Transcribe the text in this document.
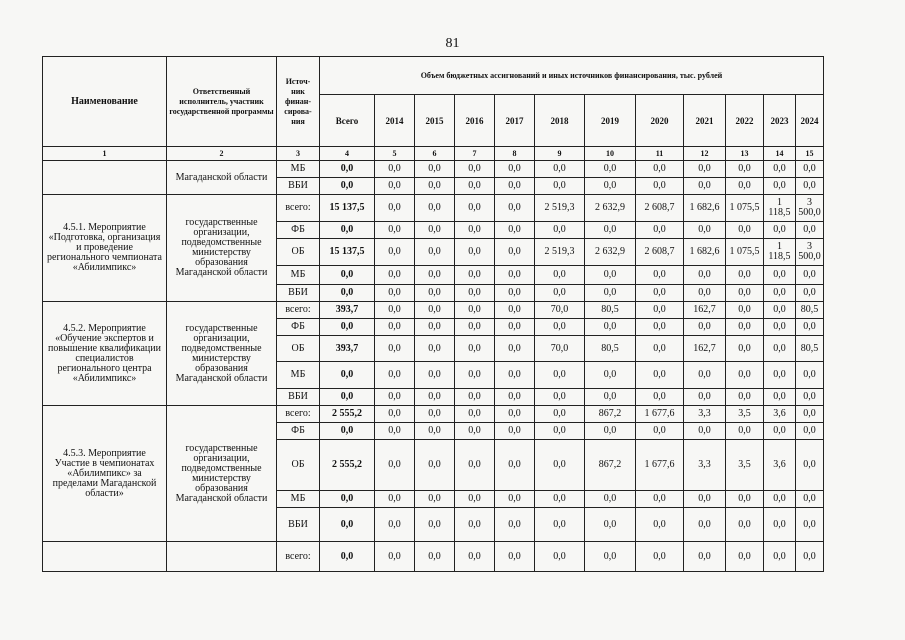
81
Наименование	Ответственный исполнитель, участник государственной программы	Источ-ник финан-сирова-ния	Объем бюджетных ассигнований и иных источников финансирования, тыс. рублей											
			Всего	2014	2015	2016	2017	2018	2019	2020	2021	2022	2023	2024
1	2	3	4	5	6	7	8	9	10	11	12	13	14	15
	Магаданской области	МБ	0,0	0,0	0,0	0,0	0,0	0,0	0,0	0,0	0,0	0,0	0,0	0,0
		ВБИ	0,0	0,0	0,0	0,0	0,0	0,0	0,0	0,0	0,0	0,0	0,0	0,0
4.5.1. Мероприятие «Подготовка, организация и проведение регионального чемпионата «Абилимпикс»	государственные организации, подведомственные министерству образования Магаданской области	всего:	15 137,5	0,0	0,0	0,0	0,0	2 519,3	2 632,9	2 608,7	1 682,6	1 075,5	1 118,5	3 500,0
		ФБ	0,0	0,0	0,0	0,0	0,0	0,0	0,0	0,0	0,0	0,0	0,0	0,0
		ОБ	15 137,5	0,0	0,0	0,0	0,0	2 519,3	2 632,9	2 608,7	1 682,6	1 075,5	1 118,5	3 500,0
		МБ	0,0	0,0	0,0	0,0	0,0	0,0	0,0	0,0	0,0	0,0	0,0	0,0
		ВБИ	0,0	0,0	0,0	0,0	0,0	0,0	0,0	0,0	0,0	0,0	0,0	0,0
4.5.2. Мероприятие «Обучение экспертов и повышение квалификации специалистов регионального центра «Абилимпикс»	государственные организации, подведомственные министерству образования Магаданской области	всего:	393,7	0,0	0,0	0,0	0,0	70,0	80,5	0,0	162,7	0,0	0,0	80,5
		ФБ	0,0	0,0	0,0	0,0	0,0	0,0	0,0	0,0	0,0	0,0	0,0	0,0
		ОБ	393,7	0,0	0,0	0,0	0,0	70,0	80,5	0,0	162,7	0,0	0,0	80,5
		МБ	0,0	0,0	0,0	0,0	0,0	0,0	0,0	0,0	0,0	0,0	0,0	0,0
		ВБИ	0,0	0,0	0,0	0,0	0,0	0,0	0,0	0,0	0,0	0,0	0,0	0,0
4.5.3. Мероприятие Участие в чемпионатах «Абилимпикс» за пределами Магаданской области»	государственные организации, подведомственные министерству образования Магаданской области	всего:	2 555,2	0,0	0,0	0,0	0,0	0,0	867,2	1 677,6	3,3	3,5	3,6	0,0
		ФБ	0,0	0,0	0,0	0,0	0,0	0,0	0,0	0,0	0,0	0,0	0,0	0,0
		ОБ	2 555,2	0,0	0,0	0,0	0,0	0,0	867,2	1 677,6	3,3	3,5	3,6	0,0
		МБ	0,0	0,0	0,0	0,0	0,0	0,0	0,0	0,0	0,0	0,0	0,0	0,0
		ВБИ	0,0	0,0	0,0	0,0	0,0	0,0	0,0	0,0	0,0	0,0	0,0	0,0
		всего:	0,0	0,0	0,0	0,0	0,0	0,0	0,0	0,0	0,0	0,0	0,0	0,0
